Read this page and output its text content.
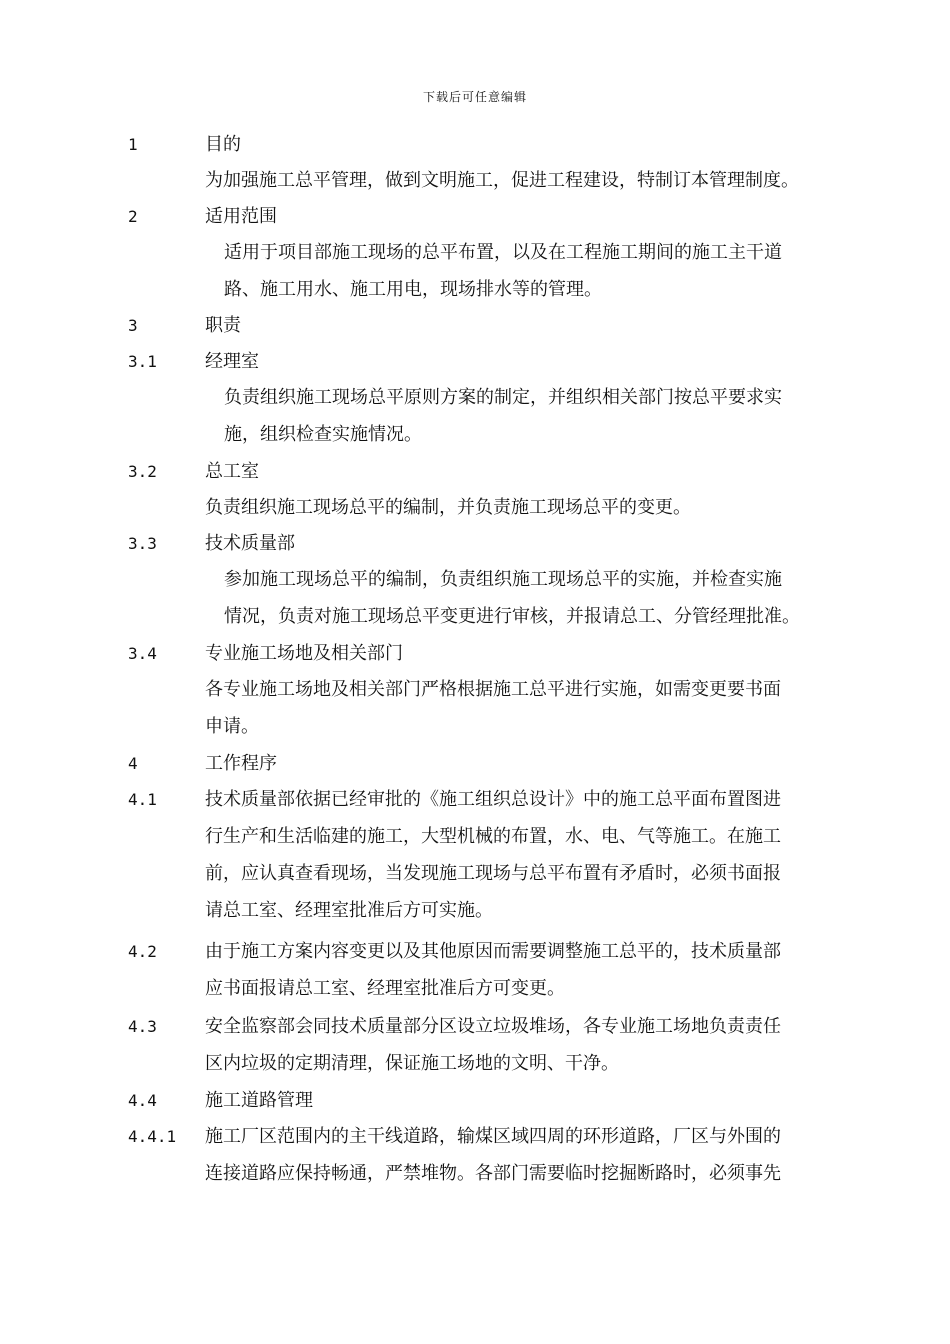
下载后可任意编辑
1	目的
为加强施工总平管理，做到文明施工，促进工程建设，特制订本管理制度。
2	适用范围
适用于项目部施工现场的总平布置，以及在工程施工期间的施工主干道
路、施工用水、施工用电，现场排水等的管理。
3	职责
3.1	经理室
负责组织施工现场总平原则方案的制定，并组织相关部门按总平要求实
施，组织检查实施情况。
3.2	总工室
负责组织施工现场总平的编制，并负责施工现场总平的变更。
3.3	技术质量部
参加施工现场总平的编制，负责组织施工现场总平的实施，并检查实施
情况，负责对施工现场总平变更进行审核，并报请总工、分管经理批准。
3.4	专业施工场地及相关部门
各专业施工场地及相关部门严格根据施工总平进行实施，如需变更要书面
申请。
4	工作程序
4.1	技术质量部依据已经审批的《施工组织总设计》中的施工总平面布置图进
行生产和生活临建的施工，大型机械的布置，水、电、气等施工。在施工
前，应认真查看现场，当发现施工现场与总平布置有矛盾时，必须书面报
请总工室、经理室批准后方可实施。
4.2	由于施工方案内容变更以及其他原因而需要调整施工总平的，技术质量部
应书面报请总工室、经理室批准后方可变更。
4.3	安全监察部会同技术质量部分区设立垃圾堆场，各专业施工场地负责责任
区内垃圾的定期清理，保证施工场地的文明、干净。
4.4	施工道路管理
4.4.1 施工厂区范围内的主干线道路，输煤区域四周的环形道路，厂区与外围的
连接道路应保持畅通，严禁堆物。各部门需要临时挖掘断路时，必须事先
